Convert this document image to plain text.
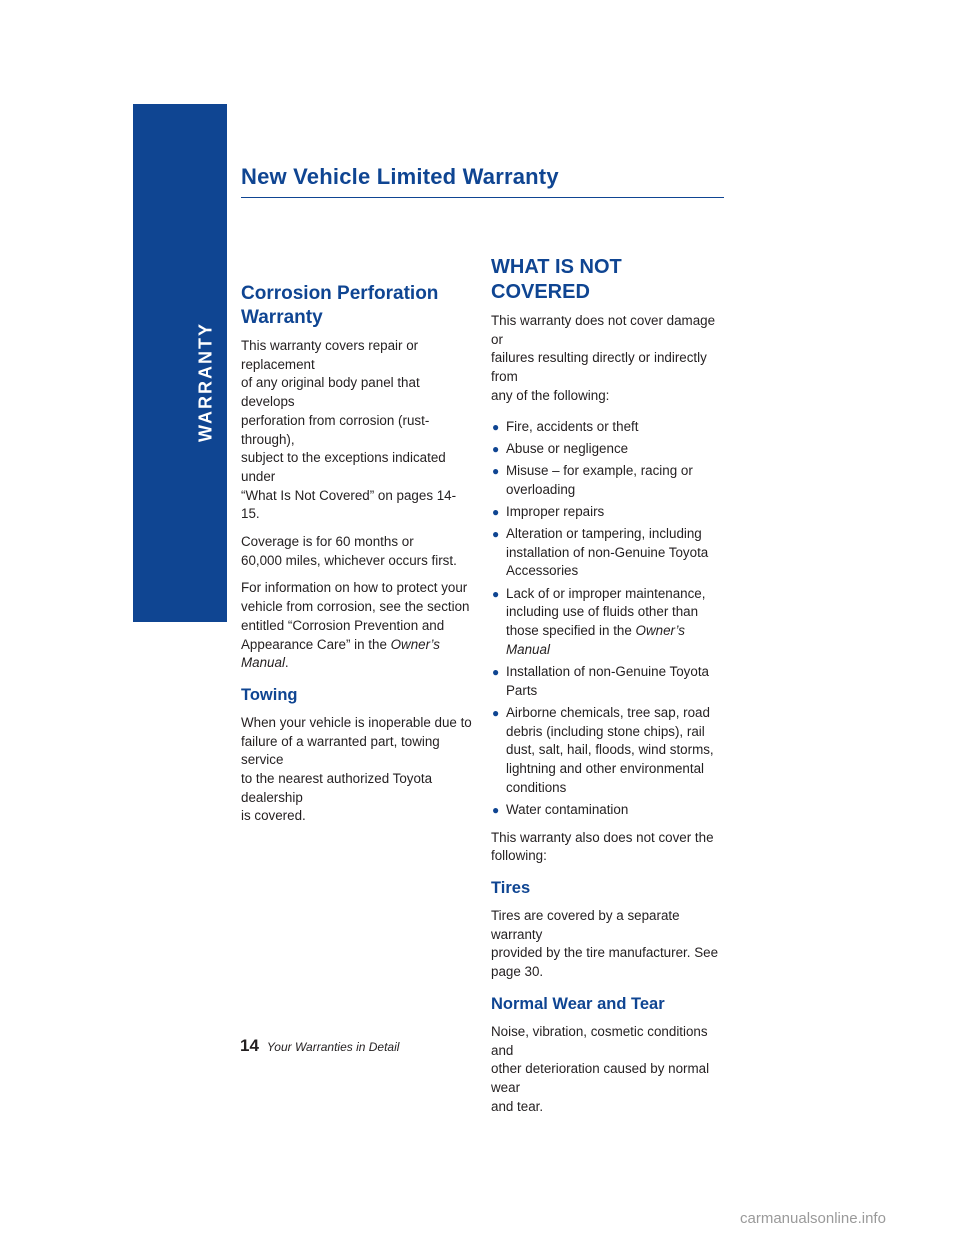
WARRANTY
New Vehicle Limited Warranty
Corrosion Perforation Warranty

This warranty covers repair or replacement
of any original body panel that develops
perforation from corrosion (rust-through),
subject to the exceptions indicated under
“What Is Not Covered” on pages 14-15.

Coverage is for 60 months or
60,000 miles, whichever occurs first.

For information on how to protect your
vehicle from corrosion, see the section
entitled “Corrosion Prevention and
Appearance Care” in the Owner’s Manual.

Towing

When your vehicle is inoperable due to
failure of a warranted part, towing service
to the nearest authorized Toyota dealership
is covered.

WHAT IS NOT COVERED

This warranty does not cover damage or
failures resulting directly or indirectly from
any of the following:

● Fire, accidents or theft
● Abuse or negligence
● Misuse – for example, racing or
overloading
● Improper repairs
● Alteration or tampering, including
installation of non-Genuine Toyota
Accessories
● Lack of or improper maintenance,
including use of fluids other than
those specified in the Owner’s Manual
● Installation of non-Genuine Toyota
Parts
● Airborne chemicals, tree sap, road
debris (including stone chips), rail
dust, salt, hail, floods, wind storms,
lightning and other environmental
conditions
● Water contamination

This warranty also does not cover the
following:

Tires

Tires are covered by a separate warranty
provided by the tire manufacturer. See
page 30.

Normal Wear and Tear

Noise, vibration, cosmetic conditions and
other deterioration caused by normal wear
and tear.

14 Your Warranties in Detail
carmanualsonline.info
